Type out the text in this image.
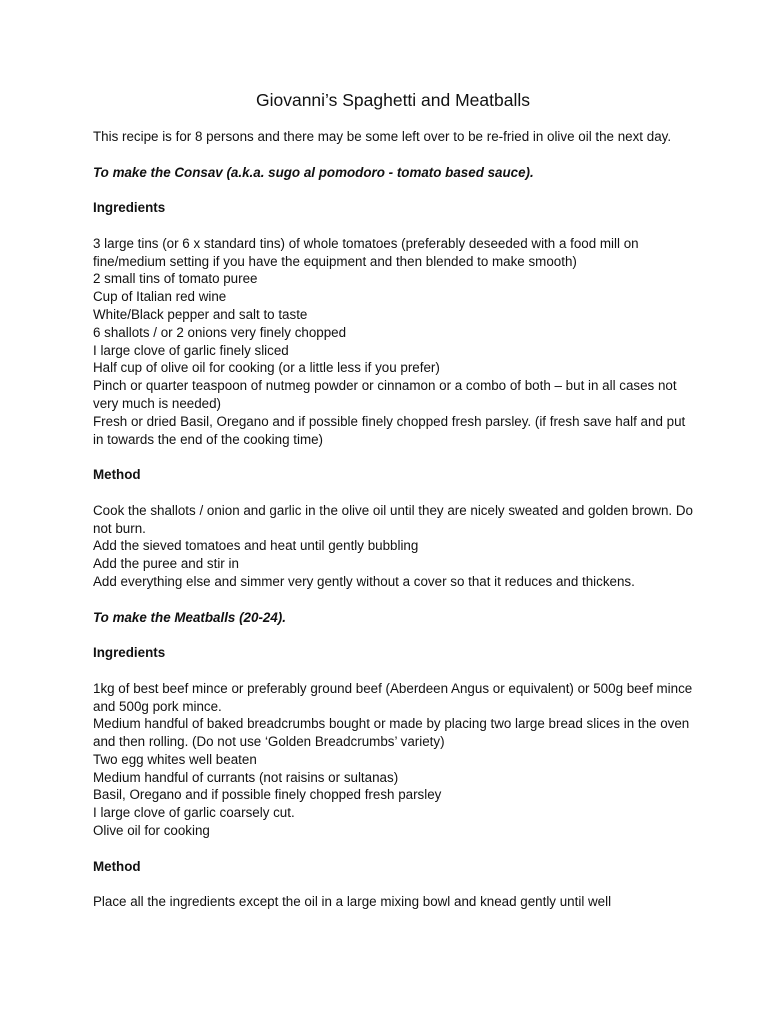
Giovanni’s Spaghetti and Meatballs

This recipe is for 8 persons and there may be some left over to be re-fried in olive oil the next day.

To make the Consav (a.k.a. sugo al pomodoro - tomato based sauce).

Ingredients

3 large tins (or 6 x standard tins) of whole tomatoes (preferably deseeded with a food mill on fine/medium setting if you have the equipment and then blended to make smooth)

2 small tins of tomato puree

Cup of Italian red wine

White/Black pepper and salt to taste

6 shallots / or 2 onions very finely chopped

I large clove of garlic finely sliced

Half cup of olive oil for cooking (or a little less if you prefer)

Pinch or quarter teaspoon of nutmeg powder or cinnamon or a combo of both – but in all cases not very much is needed)

Fresh or dried Basil, Oregano and if possible finely chopped fresh parsley. (if fresh save half and put in towards the end of the cooking time)

Method

Cook the shallots / onion and garlic in the olive oil until they are nicely sweated and golden brown. Do not burn.

Add the sieved tomatoes and heat until gently bubbling

Add the puree and stir in

Add everything else and simmer very gently without a cover so that it reduces and thickens.

To make the Meatballs (20-24).

Ingredients

1kg of best beef mince or preferably ground beef (Aberdeen Angus or equivalent) or 500g beef mince and 500g pork mince.

Medium handful of baked breadcrumbs bought or made by placing two large bread slices in the oven and then rolling. (Do not use ‘Golden Breadcrumbs’ variety)

Two egg whites well beaten

Medium handful of currants (not raisins or sultanas)

Basil, Oregano and if possible finely chopped fresh parsley

I large clove of garlic coarsely cut.

Olive oil for cooking

Method

Place all the ingredients except the oil in a large mixing bowl and knead gently until well
